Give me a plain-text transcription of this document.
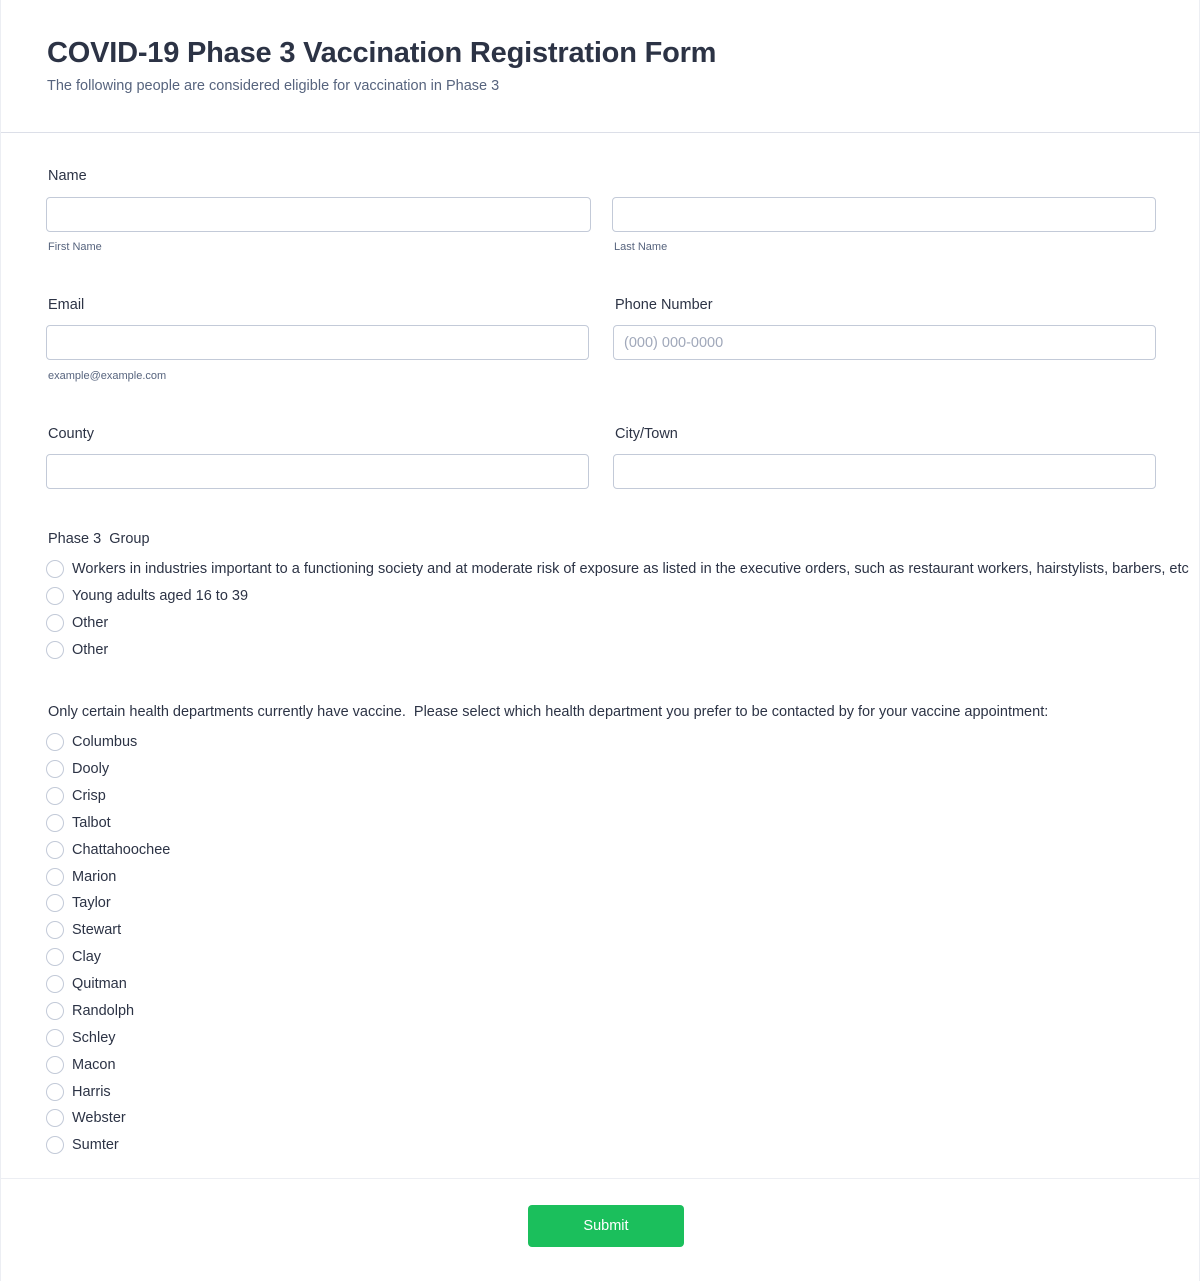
COVID-19 Phase 3 Vaccination Registration Form
The following people are considered eligible for vaccination in Phase 3
Name
First Name	Last Name
Email
example@example.com
Phone Number
(000) 000-0000
County	City/Town
Phase 3  Group
Workers in industries important to a functioning society and at moderate risk of exposure as listed in the executive orders, such as restaurant workers, hairstylists, barbers, etc
Young adults aged 16 to 39
Other
Other
Only certain health departments currently have vaccine.  Please select which health department you prefer to be contacted by for your vaccine appointment:
Columbus
Dooly
Crisp
Talbot
Chattahoochee
Marion
Taylor
Stewart
Clay
Quitman
Randolph
Schley
Macon
Harris
Webster
Sumter
Submit
